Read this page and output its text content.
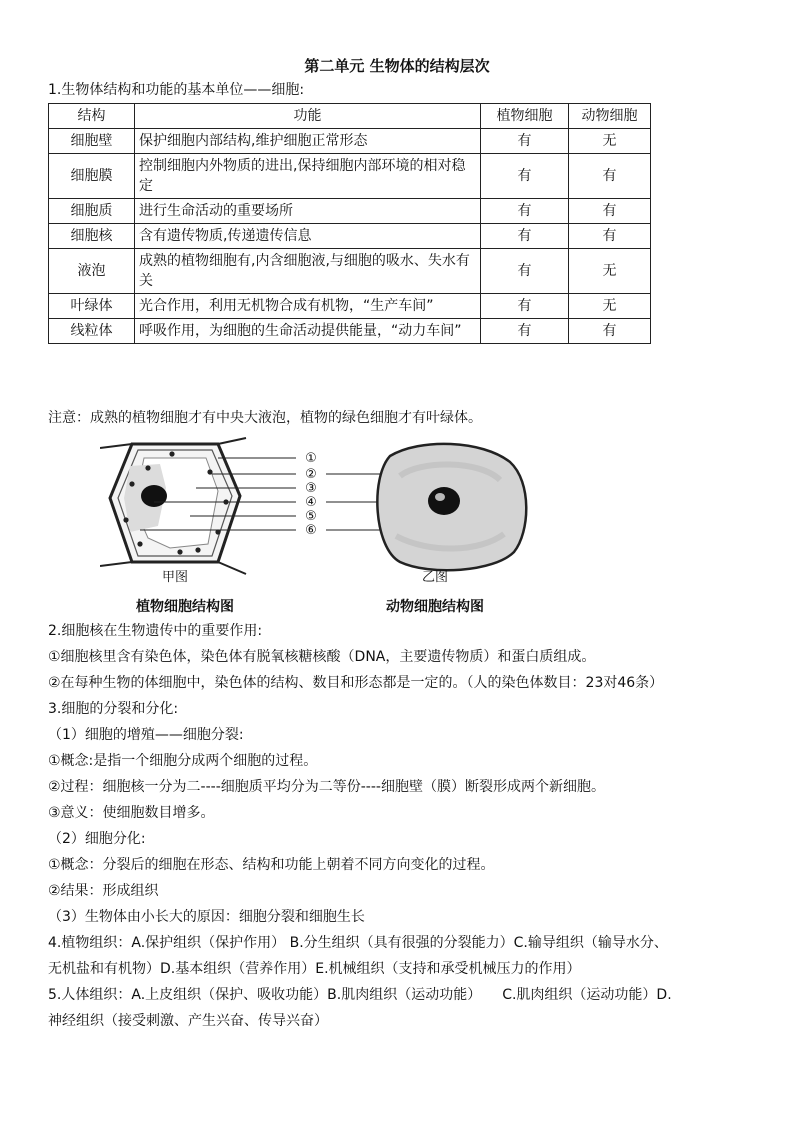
第二单元 生物体的结构层次
1.生物体结构和功能的基本单位——细胞:
结构	功能	植物细胞	动物细胞
细胞壁	保护细胞内部结构,维护细胞正常形态	有	无
细胞膜	控制细胞内外物质的进出,保持细胞内部环境的相对稳定	有	有
细胞质	进行生命活动的重要场所	有	有
细胞核	含有遗传物质,传递遗传信息	有	有
液泡	成熟的植物细胞有,内含细胞液,与细胞的吸水、失水有关	有	无
叶绿体	光合作用，利用无机物合成有机物，“生产车间”	有	无
线粒体	呼吸作用，为细胞的生命活动提供能量，“动力车间”	有	有
注意：成熟的植物细胞才有中央大液泡，植物的绿色细胞才有叶绿体。
①
②
③
④
⑤
⑥
甲图	乙图
植物细胞结构图	动物细胞结构图
2.细胞核在生物遗传中的重要作用:
①细胞核里含有染色体，染色体有脱氧核糖核酸（DNA，主要遗传物质）和蛋白质组成。
②在每种生物的体细胞中，染色体的结构、数目和形态都是一定的。（人的染色体数目：23对46条）
3.细胞的分裂和分化:
（1）细胞的增殖——细胞分裂:
①概念:是指一个细胞分成两个细胞的过程。
②过程：细胞核一分为二----细胞质平均分为二等份----细胞壁（膜）断裂形成两个新细胞。
③意义：使细胞数目增多。
（2）细胞分化:
①概念：分裂后的细胞在形态、结构和功能上朝着不同方向变化的过程。
②结果：形成组织
（3）生物体由小长大的原因：细胞分裂和细胞生长
4.植物组织：A.保护组织（保护作用） B.分生组织（具有很强的分裂能力）C.输导组织（输导水分、
无机盐和有机物）D.基本组织（营养作用）E.机械组织（支持和承受机械压力的作用）
5.人体组织：A.上皮组织（保护、吸收功能）B.肌肉组织（运动功能）　　C.肌肉组织（运动功能）D.
神经组织（接受刺激、产生兴奋、传导兴奋）
